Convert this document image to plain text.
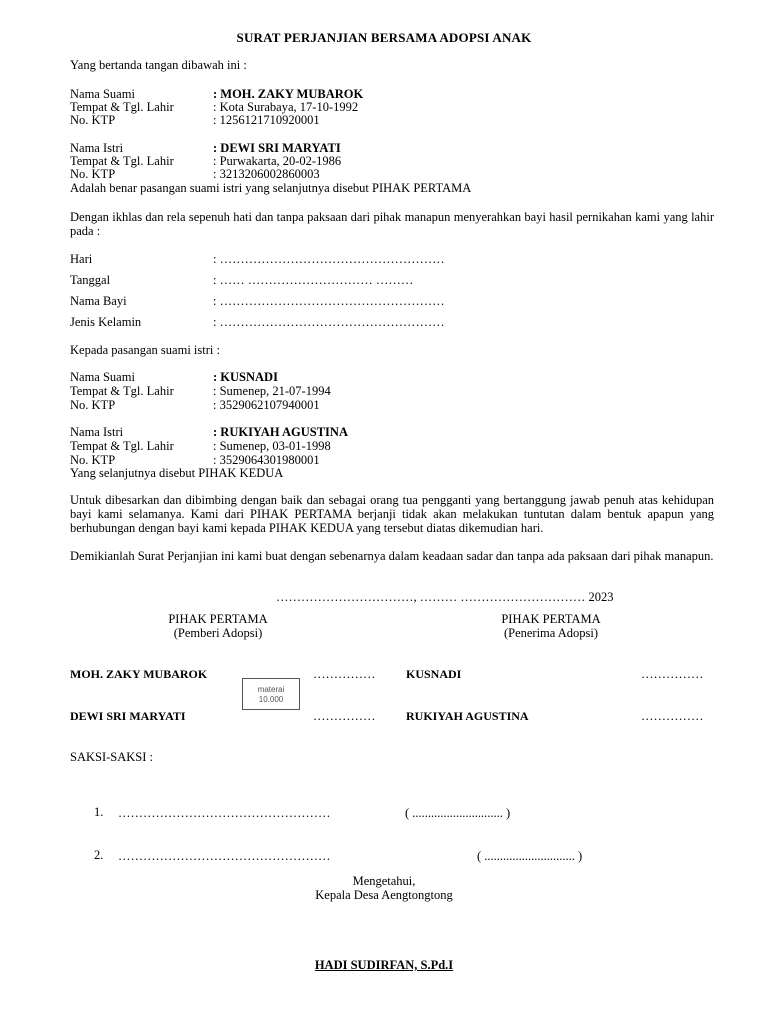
SURAT PERJANJIAN BERSAMA ADOPSI ANAK
Yang bertanda tangan dibawah ini :
Nama Suami	: MOH. ZAKY MUBAROK
Tempat & Tgl. Lahir	: Kota Surabaya, 17-10-1992
No. KTP	: 1256121710920001
Nama Istri	: DEWI SRI MARYATI
Tempat & Tgl. Lahir	: Purwakarta, 20-02-1986
No. KTP	: 3213206002860003
Adalah benar pasangan suami istri yang selanjutnya disebut PIHAK PERTAMA
Dengan ikhlas dan rela sepenuh hati dan tanpa paksaan dari pihak manapun menyerahkan bayi hasil pernikahan kami yang lahir pada :
Hari	: ………………………………………………
Tanggal	: …… ………………………… ………
Nama Bayi	: ………………………………………………
Jenis Kelamin	: ………………………………………………
Kepada pasangan suami istri :
Nama Suami	: KUSNADI
Tempat & Tgl. Lahir	: Sumenep, 21-07-1994
No. KTP	: 3529062107940001
Nama Istri	: RUKIYAH AGUSTINA
Tempat & Tgl. Lahir	: Sumenep, 03-01-1998
No. KTP	: 3529064301980001
Yang selanjutnya disebut PIHAK KEDUA
Untuk dibesarkan dan dibimbing dengan baik dan sebagai orang tua pengganti yang bertanggung jawab penuh atas kehidupan bayi kami selamanya. Kami dari PIHAK PERTAMA berjanji tidak akan melakukan tuntutan dalam bentuk apapun yang berhubungan dengan bayi kami kepada PIHAK KEDUA yang tersebut diatas dikemudian hari.
Demikianlah Surat Perjanjian ini kami buat dengan sebenarnya dalam keadaan sadar dan tanpa ada paksaan dari pihak manapun.
……………………………, ……… ………………………… 2023
PIHAK PERTAMA
(Pemberi Adopsi)
PIHAK PERTAMA
(Penerima Adopsi)
MOH. ZAKY MUBAROK	……………	KUSNADI	……………
materai
10.000
DEWI SRI MARYATI	……………	RUKIYAH AGUSTINA	……………
SAKSI-SAKSI :
1. ……………………………………………	( ............................. )
2. ……………………………………………	( ............................. )
Mengetahui,
Kepala Desa Aengtongtong
HADI SUDIRFAN, S.Pd.I
